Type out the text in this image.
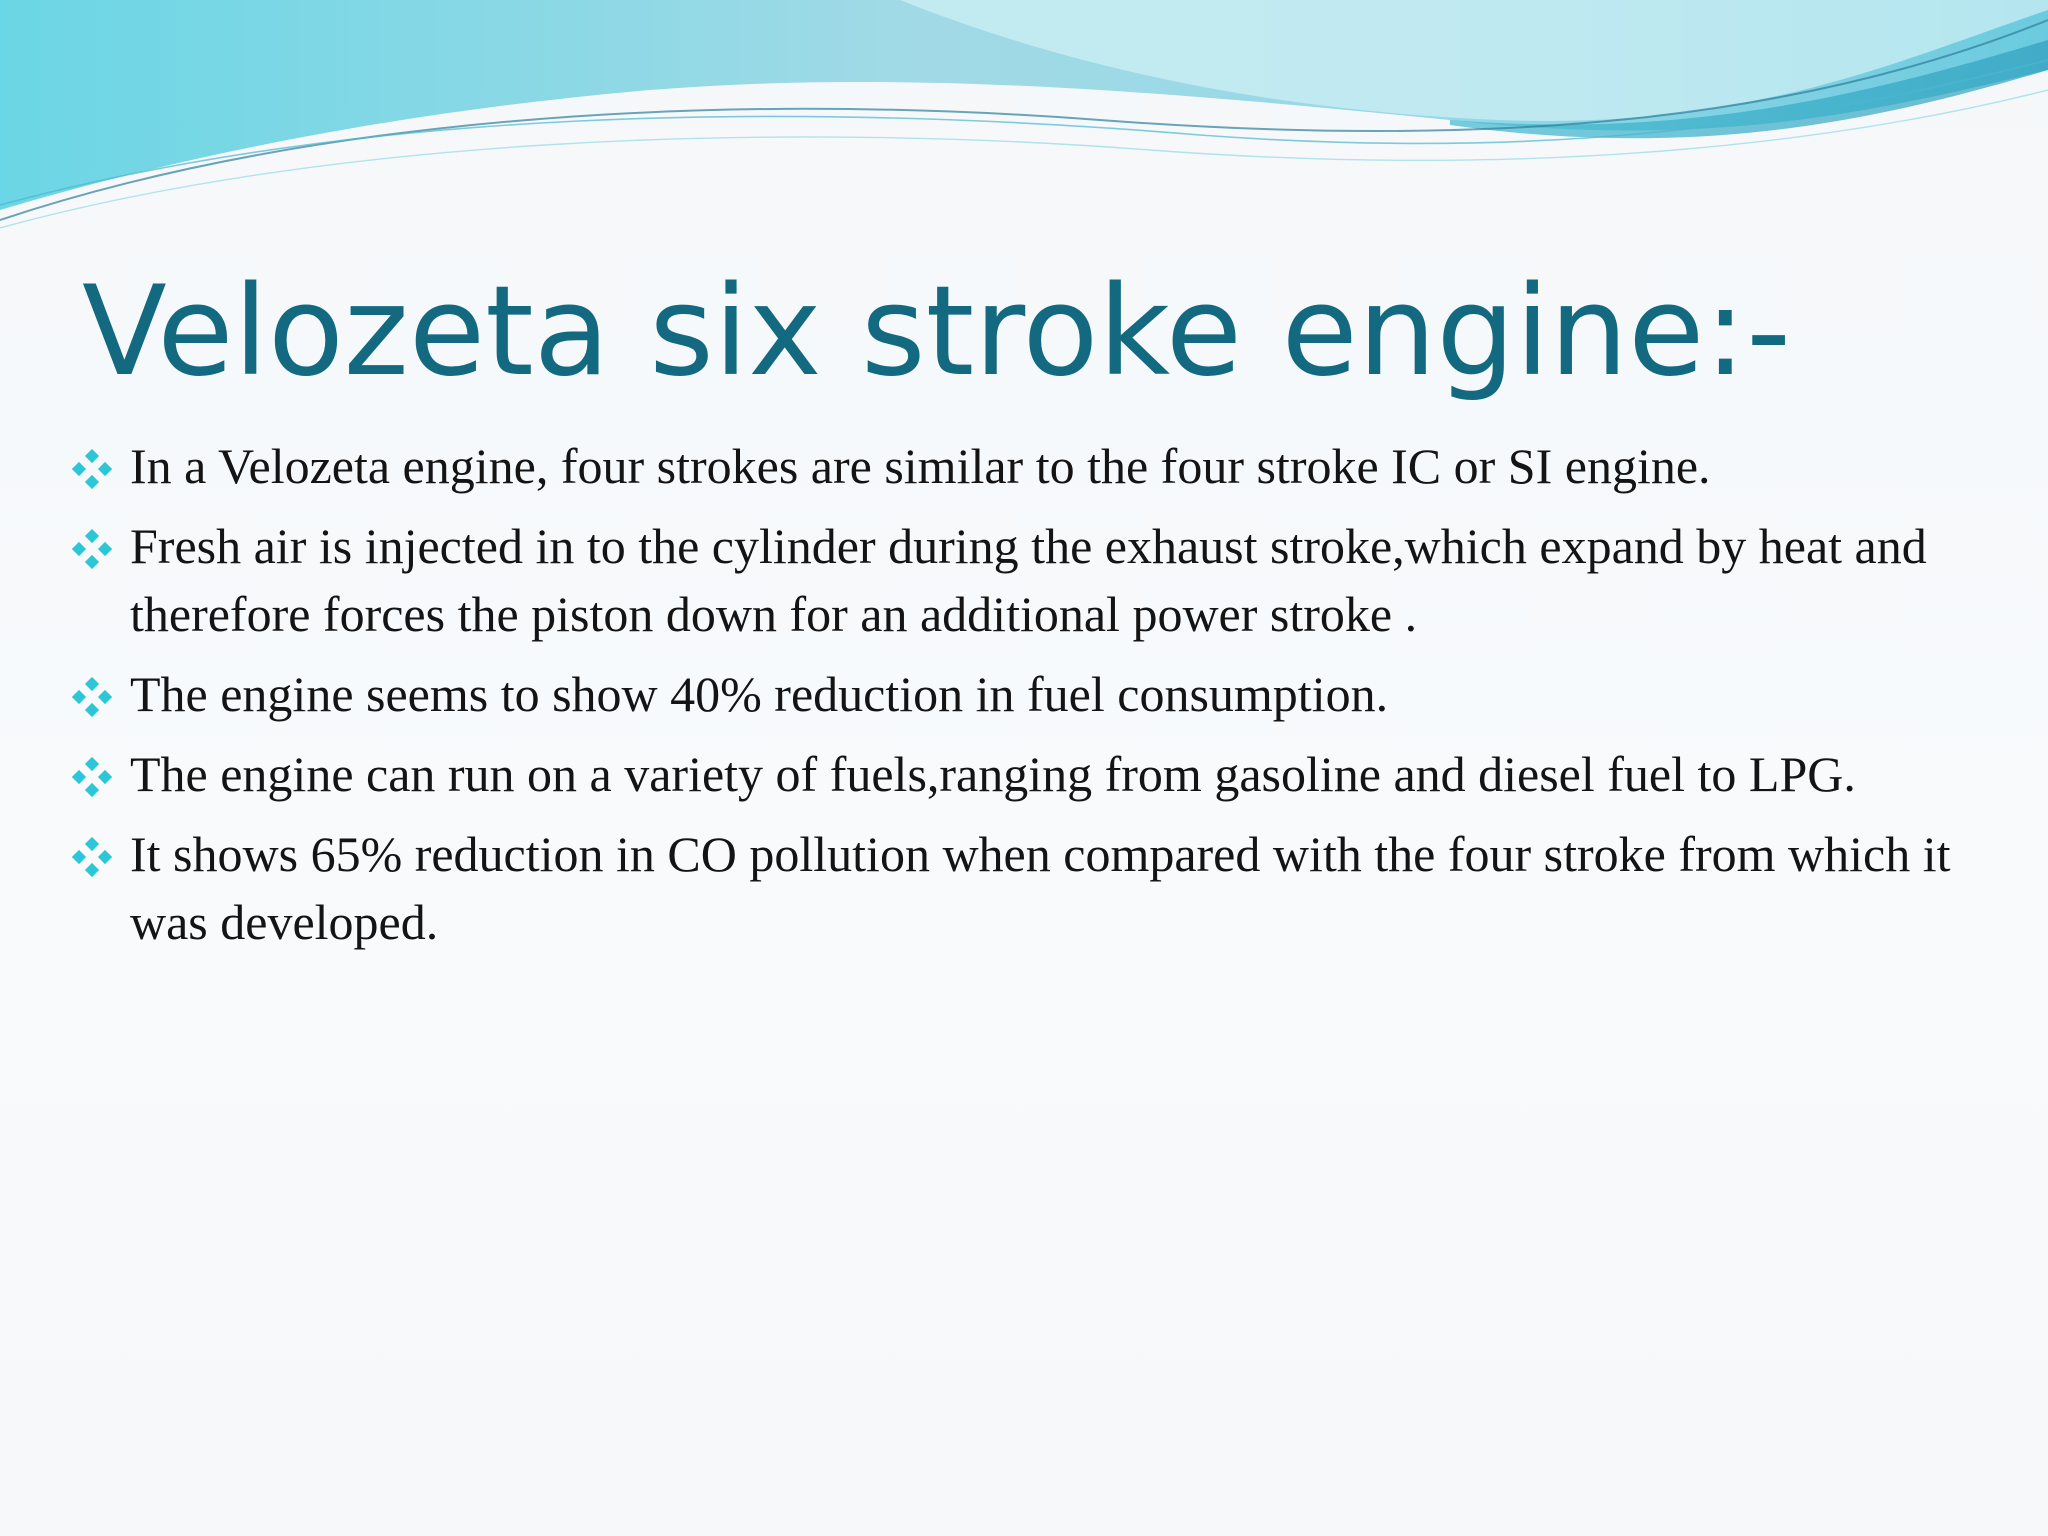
Velozeta six stroke engine:-
In a Velozeta engine, four strokes are similar to the four stroke IC or SI engine.
Fresh air is injected in to the cylinder during the exhaust stroke,which expand by heat and therefore forces the piston down for an additional power stroke .
The engine seems to show 40% reduction in fuel consumption.
The engine can run on a variety of fuels,ranging from gasoline and diesel fuel to LPG.
It shows 65% reduction in CO pollution when compared with the four stroke from which it was developed.
